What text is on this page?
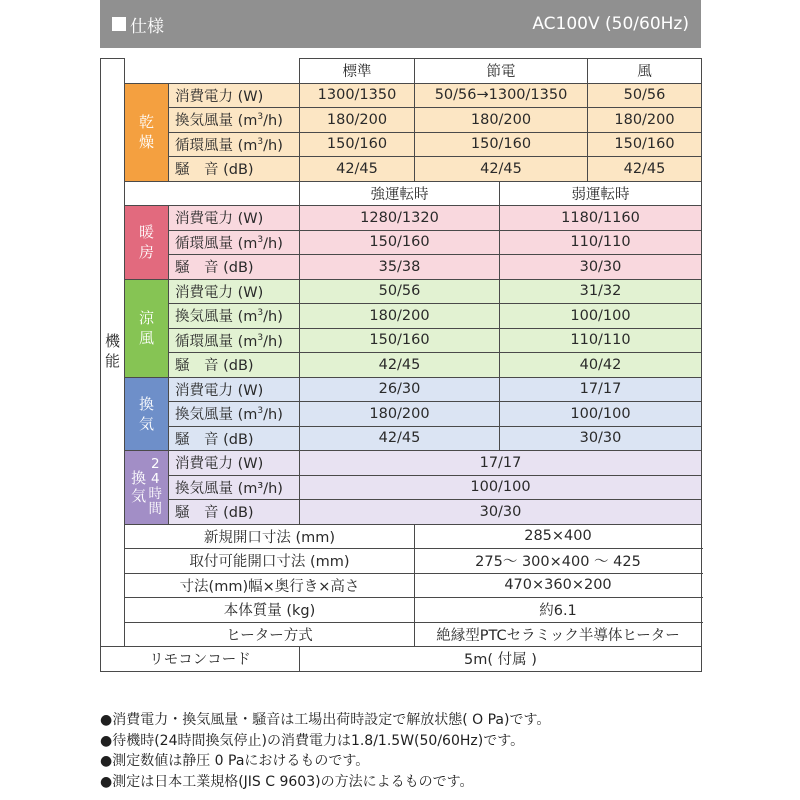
仕様	AC100V (50/60Hz)
機能			標準	節電		風
	乾燥	消費電力 (W)	1300/1350	50/56→1300/1350		50/56
		換気風量 $(m^3/h)$	180/200	180/200		180/200
		循環風量 $(m^3/h)$	150/160	150/160		150/160
		騒　音 (dB)	42/45	42/45		42/45
			強運転時		弱運転時	
	暖房	消費電力 (W)	1280/1320		1180/1160	
		循環風量 $(m^3/h)$	150/160		110/110	
		騒　音 (dB)	35/38		30/30	
	涼風	消費電力 (W)	50/56		31/32	
		換気風量 $(m^3/h)$	180/200		100/100	
		循環風量 $(m^3/h)$	150/160		110/110	
		騒　音 (dB)	42/45		40/42	
	換気	消費電力 (W)	26/30		17/17	
		換気風量 $(m^3/h)$	180/200		100/100	
		騒　音 (dB)	42/45		30/30	

	換気
24時間	消費電力 (W)	17/17			
		換気風量 (m³/h)	100/100			
		騒　音 (dB)	30/30			
	新規開口寸法 (mm)			285×400		
	取付可能開口寸法 (mm)			275～ 300×400 ～ 425		
	寸法(mm)幅×奥行き×高さ			470×360×200		
	本体質量 (kg)			約6.1		
	ヒーター方式			絶縁型PTCセラミック半導体ヒーター		
リモコンコード			5m( 付属 )			
●消費電力・換気風量・騒音は工場出荷時設定で解放状態( O Pa)です。
●待機時(24時間換気停止)の消費電力は1.8/1.5W(50/60Hz)です。
●測定数値は静圧 0 Paにおけるものです。
●測定は日本工業規格(JIS C 9603)の方法によるものです。
